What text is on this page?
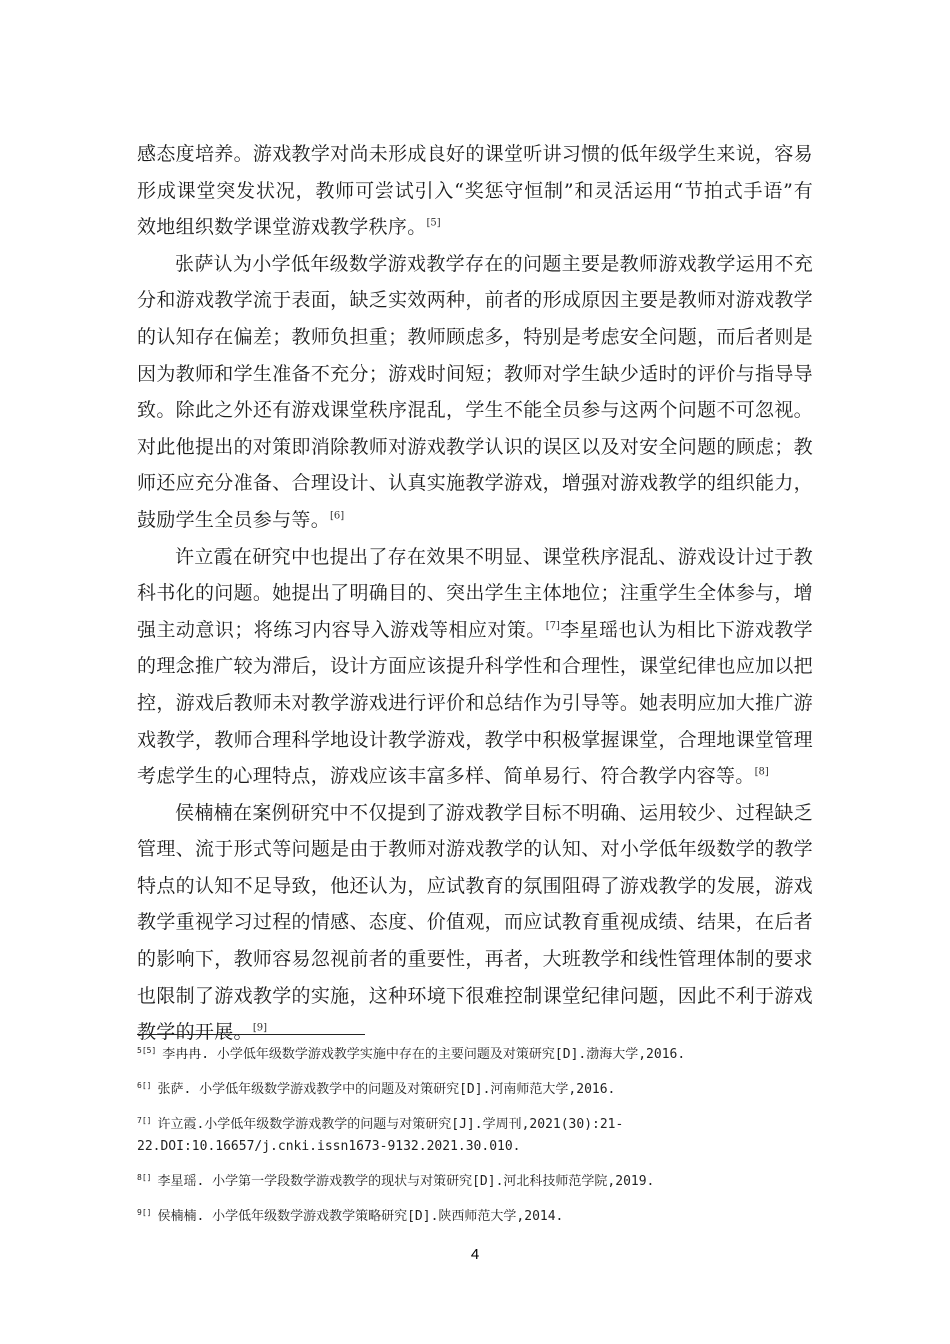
感态度培养。游戏教学对尚未形成良好的课堂听讲习惯的低年级学生来说，容易形成课堂突发状况，教师可尝试引入“奖惩守恒制”和灵活运用“节拍式手语”有效地组织数学课堂游戏教学秩序。[5]

张萨认为小学低年级数学游戏教学存在的问题主要是教师游戏教学运用不充分和游戏教学流于表面，缺乏实效两种，前者的形成原因主要是教师对游戏教学的认知存在偏差；教师负担重；教师顾虑多，特别是考虑安全问题，而后者则是因为教师和学生准备不充分；游戏时间短；教师对学生缺少适时的评价与指导导致。除此之外还有游戏课堂秩序混乱，学生不能全员参与这两个问题不可忽视。对此他提出的对策即消除教师对游戏教学认识的误区以及对安全问题的顾虑；教师还应充分准备、合理设计、认真实施教学游戏，增强对游戏教学的组织能力，鼓励学生全员参与等。[6]

许立霞在研究中也提出了存在效果不明显、课堂秩序混乱、游戏设计过于教科书化的问题。她提出了明确目的、突出学生主体地位；注重学生全体参与，增强主动意识；将练习内容导入游戏等相应对策。[7]李星瑶也认为相比下游戏教学的理念推广较为滞后，设计方面应该提升科学性和合理性，课堂纪律也应加以把控，游戏后教师未对教学游戏进行评价和总结作为引导等。她表明应加大推广游戏教学，教师合理科学地设计教学游戏，教学中积极掌握课堂，合理地课堂管理考虑学生的心理特点，游戏应该丰富多样、简单易行、符合教学内容等。[8]

侯楠楠在案例研究中不仅提到了游戏教学目标不明确、运用较少、过程缺乏管理、流于形式等问题是由于教师对游戏教学的认知、对小学低年级数学的教学特点的认知不足导致，他还认为，应试教育的氛围阻碍了游戏教学的发展，游戏教学重视学习过程的情感、态度、价值观，而应试教育重视成绩、结果，在后者的影响下，教师容易忽视前者的重要性，再者，大班教学和线性管理体制的要求也限制了游戏教学的实施，这种环境下很难控制课堂纪律问题，因此不利于游戏教学的开展。[9]

$^{5[5]}$ 李冉冉. 小学低年级数学游戏教学实施中存在的主要问题及对策研究[D].渤海大学,2016.
$^{6[]}$ 张萨. 小学低年级数学游戏教学中的问题及对策研究[D].河南师范大学,2016.
$^{7[]}$ 许立霞.小学低年级数学游戏教学的问题与对策研究[J].学周刊,2021(30):21-22.DOI:10.16657/j.cnki.issn1673-9132.2021.30.010.
$^{8[]}$ 李星瑶. 小学第一学段数学游戏教学的现状与对策研究[D].河北科技师范学院,2019.
$^{9[]}$ 侯楠楠. 小学低年级数学游戏教学策略研究[D].陕西师范大学,2014.
4
